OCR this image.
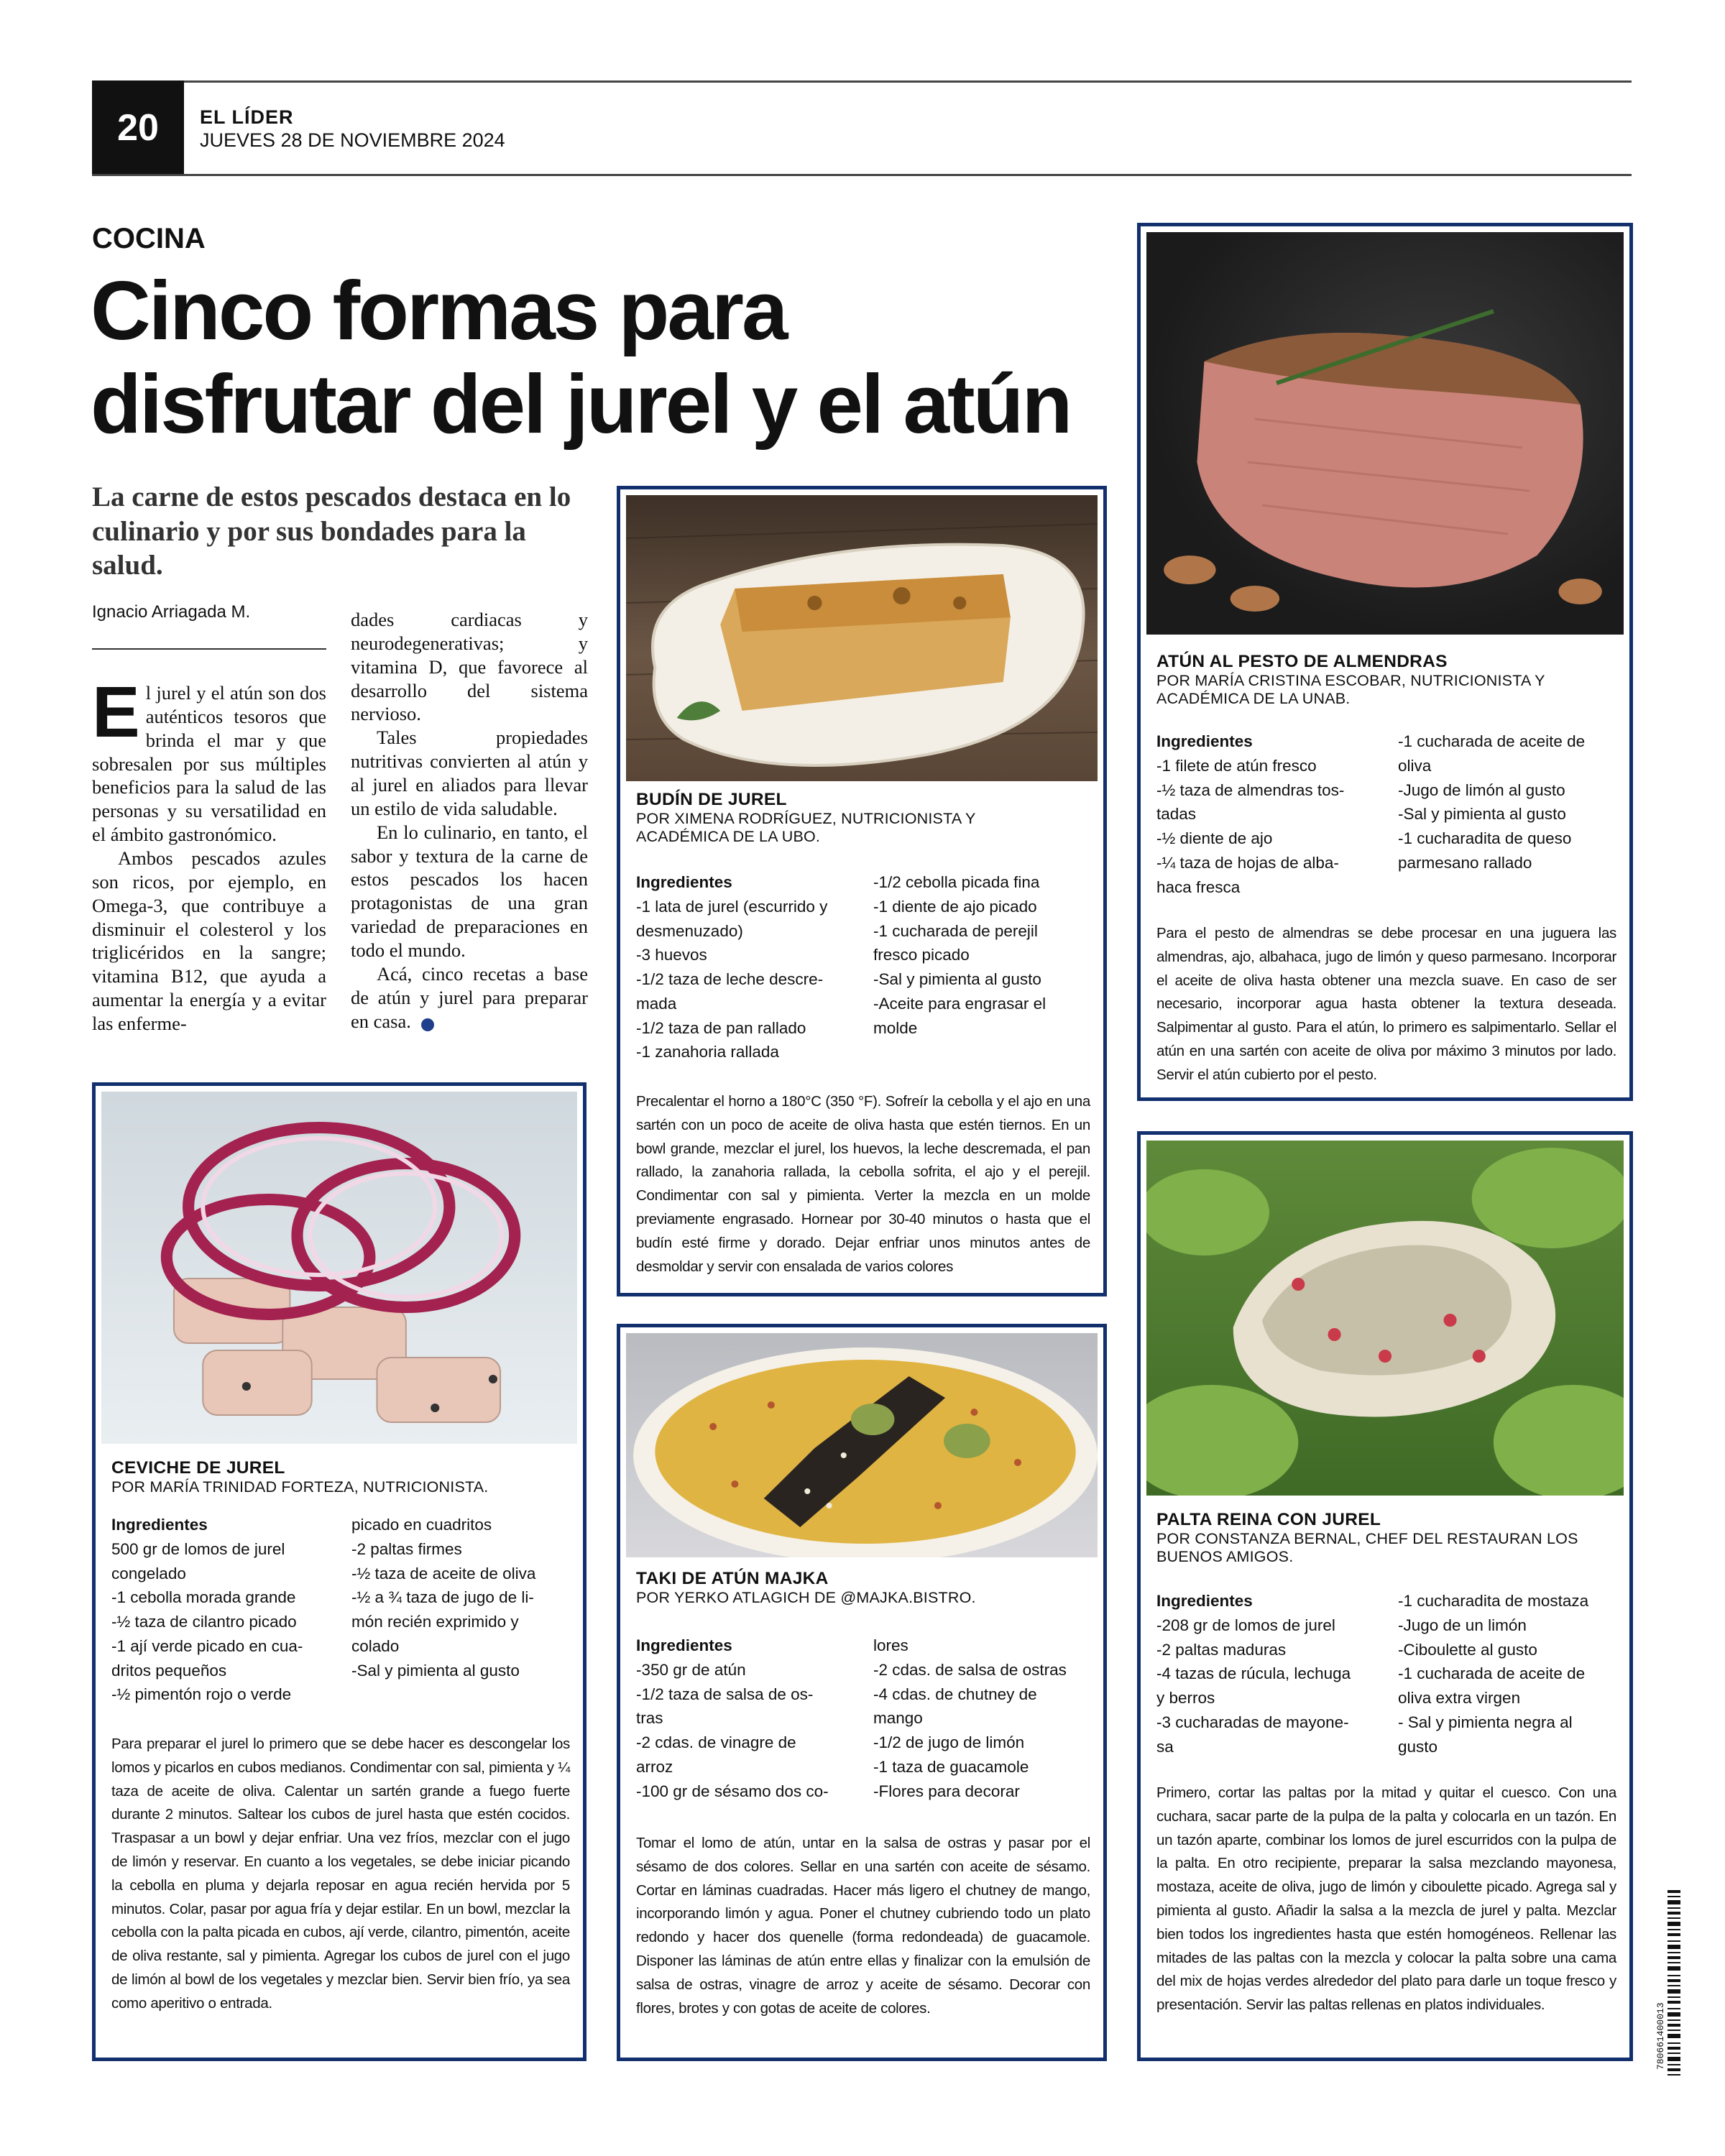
20	EL LÍDER
JUEVES 28 DE NOVIEMBRE 2024
COCINA
Cinco formas para
disfrutar del jurel y el atún
La carne de estos pescados destaca en lo culinario y por sus bondades para la salud.
Ignacio Arriagada M.

El jurel y el atún son dos auténticos tesoros que brinda el mar y que sobresalen por sus múltiples beneficios para la salud de las personas y su versatilidad en el ámbito gastronómico.

Ambos pescados azules son ricos, por ejemplo, en Omega-3, que contribuye a disminuir el colesterol y los triglicéridos en la sangre; vitamina B12, que ayuda a aumentar la energía y a evitar las enferme-

dades cardiacas y neurodegenerativas; y vitamina D, que favorece al desarrollo del sistema nervioso.

Tales propiedades nutritivas convierten al atún y al jurel en aliados para llevar un estilo de vida saludable.

En lo culinario, en tanto, el sabor y textura de la carne de estos pescados los hacen protagonistas de una gran variedad de preparaciones en todo el mundo.

Acá, cinco recetas a base de atún y jurel para preparar en casa.	✲

BUDÍN DE JUREL
POR XIMENA RODRÍGUEZ, NUTRICIONISTA Y ACADÉMICA DE LA UBO.
Ingredientes
-1 lata de jurel (escurrido y
desmenuzado)
-3 huevos
-1/2 taza de leche descre-
mada
-1/2 taza de pan rallado
-1 zanahoria rallada
-1/2 cebolla picada fina
-1 diente de ajo picado
-1 cucharada de perejil
fresco picado
-Sal y pimienta al gusto
-Aceite para engrasar el
molde
Precalentar el horno a 180°C (350 °F). Sofreír la cebolla y el ajo en una sartén con un poco de aceite de oliva hasta que estén tiernos. En un bowl grande, mezclar el jurel, los huevos, la leche descremada, el pan rallado, la zanahoria rallada, la cebolla sofrita, el ajo y el perejil. Condimentar con sal y pimienta. Verter la mezcla en un molde previamente engrasado. Hornear por 30-40 minutos o hasta que el budín esté firme y dorado. Dejar enfriar unos minutos antes de desmoldar y servir con ensalada de varios colores
ATÚN AL PESTO DE ALMENDRAS
POR MARÍA CRISTINA ESCOBAR, NUTRICIONISTA Y ACADÉMICA DE LA UNAB.
Ingredientes
-1 filete de atún fresco
-½ taza de almendras tos-
tadas
-½ diente de ajo
-¼ taza de hojas de alba-
haca fresca
-1 cucharada de aceite de
oliva
-Jugo de limón al gusto
-Sal y pimienta al gusto
-1 cucharadita de queso
parmesano rallado
Para el pesto de almendras se debe procesar en una juguera las almendras, ajo, albahaca, jugo de limón y queso parmesano. Incorporar el aceite de oliva hasta obtener una mezcla suave. En caso de ser necesario, incorporar agua hasta obtener la textura deseada. Salpimentar al gusto. Para el atún, lo primero es salpimentarlo. Sellar el atún en una sartén con aceite de oliva por máximo 3 minutos por lado. Servir el atún cubierto por el pesto.
CEVICHE DE JUREL
POR MARÍA TRINIDAD FORTEZA, NUTRICIONISTA.
Ingredientes
500 gr de lomos de jurel
congelado
-1 cebolla morada grande
-½ taza de cilantro picado
-1 ají verde picado en cua-
dritos pequeños
-½ pimentón rojo o verde
picado en cuadritos
-2 paltas firmes
-½ taza de aceite de oliva
-½ a ¾ taza de jugo de li-
món recién exprimido y
colado
-Sal y pimienta al gusto
Para preparar el jurel lo primero que se debe hacer es descongelar los lomos y picarlos en cubos medianos. Condimentar con sal, pimienta y ¼ taza de aceite de oliva. Calentar un sartén grande a fuego fuerte durante 2 minutos. Saltear los cubos de jurel hasta que estén cocidos. Traspasar a un bowl y dejar enfriar. Una vez fríos, mezclar con el jugo de limón y reservar. En cuanto a los vegetales, se debe iniciar picando la cebolla en pluma y dejarla reposar en agua recién hervida por 5 minutos. Colar, pasar por agua fría y dejar estilar. En un bowl, mezclar la cebolla con la palta picada en cubos, ají verde, cilantro, pimentón, aceite de oliva restante, sal y pimienta. Agregar los cubos de jurel con el jugo de limón al bowl de los vegetales y mezclar bien. Servir bien frío, ya sea como aperitivo o entrada.
TAKI DE ATÚN MAJKA
POR YERKO ATLAGICH DE @MAJKA.BISTRO.
Ingredientes
-350 gr de atún
-1/2 taza de salsa de os-
tras
-2 cdas. de vinagre de
arroz
-100 gr de sésamo dos co-
lores
-2 cdas. de salsa de ostras
-4 cdas. de chutney de
mango
-1/2 de jugo de limón
-1 taza de guacamole
-Flores para decorar
Tomar el lomo de atún, untar en la salsa de ostras y pasar por el sésamo de dos colores. Sellar en una sartén con aceite de sésamo. Cortar en láminas cuadradas. Hacer más ligero el chutney de mango, incorporando limón y agua. Poner el chutney cubriendo todo un plato redondo y hacer dos quenelle (forma redondeada) de guacamole. Disponer las láminas de atún entre ellas y finalizar con la emulsión de salsa de ostras, vinagre de arroz y aceite de sésamo. Decorar con flores, brotes y con gotas de aceite de colores.
PALTA REINA CON JUREL
POR CONSTANZA BERNAL, CHEF DEL RESTAURAN LOS BUENOS AMIGOS.
Ingredientes
-208 gr de lomos de jurel
-2 paltas maduras
-4 tazas de rúcula, lechuga
y berros
-3 cucharadas de mayone-
sa
-1 cucharadita de mostaza
-Jugo de un limón
-Ciboulette al gusto
-1 cucharada de aceite de
oliva extra virgen
- Sal y pimienta negra al
gusto
Primero, cortar las paltas por la mitad y quitar el cuesco. Con una cuchara, sacar parte de la pulpa de la palta y colocarla en un tazón. En un tazón aparte, combinar los lomos de jurel escurridos con la pulpa de la palta. En otro recipiente, preparar la salsa mezclando mayonesa, mostaza, aceite de oliva, jugo de limón y ciboulette picado. Agrega sal y pimienta al gusto. Añadir la salsa a la mezcla de jurel y palta. Mezclar bien todos los ingredientes hasta que estén homogéneos. Rellenar las mitades de las paltas con la mezcla y colocar la palta sobre una cama del mix de hojas verdes alrededor del plato para darle un toque fresco y presentación. Servir las paltas rellenas en platos individuales.	780661400013
